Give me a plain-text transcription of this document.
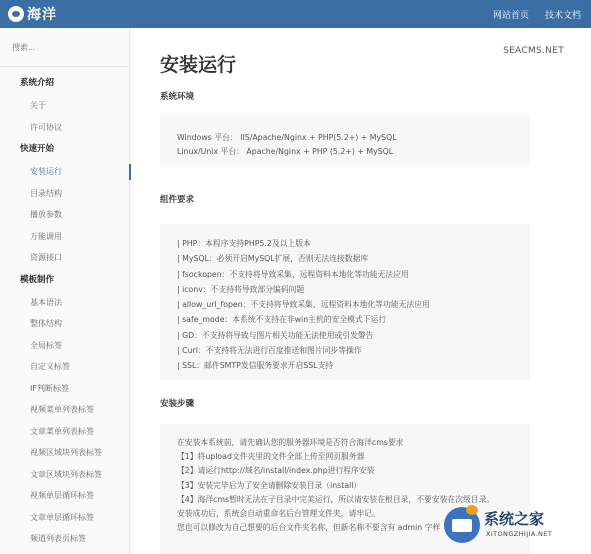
海洋	网站首页 技术文档
搜索...
系统介绍
关于
许可协议
快速开始
安装运行
目录结构
播放参数
万能调用
资源接口
模板制作
基本语法
整体结构
全局标签
自定义标签
IF判断标签
视频菜单列表标签
文章菜单列表标签
视频区域块列表标签
文章区域块列表标签
视频单层循环标签
文章单层循环标签
频道列表页标签
SEACMS.NET
安装运行
系统环境
Windows 平台： IIS/Apache/Nginx + PHP(5.2+) + MySQL
Linux/Unix 平台： Apache/Nginx + PHP (5.2+) + MySQL
组件要求
| PHP：本程序支持PHP5.2及以上版本
| MySQL：必须开启MySQL扩展，否则无法连接数据库
| fsockopen：不支持将导致采集、远程资料本地化等功能无法应用
| iconv：不支持将导致部分编码问题
| allow_url_fopen：不支持将导致采集、远程资料本地化等功能无法应用
| safe_mode：本系统不支持在非win主机的安全模式下运行
| GD：不支持将导致与图片相关功能无法使用或引发警告
| Curl：不支持将无法进行百度推送和图片同步等操作
| SSL：邮件SMTP发信服务要求开启SSL支持
安装步骤
在安装本系统前，请先确认您的服务器环境是否符合海洋cms要求
【1】将upload文件夹里的文件全部上传至网页服务器
【2】请运行http://域名/install/index.php进行程序安装
【3】安装完毕后为了安全请删除安装目录（install）
【4】海洋cms暂时无法在子目录中完美运行，所以请安装在根目录，不要安装在次级目录。
安装成功后，系统会自动重命名后台管理文件夹，请牢记。
您也可以修改为自己想要的后台文件夹名称，但新名称不要含有 admin 字样	系统之家
XITONGZHIJIA.NET
